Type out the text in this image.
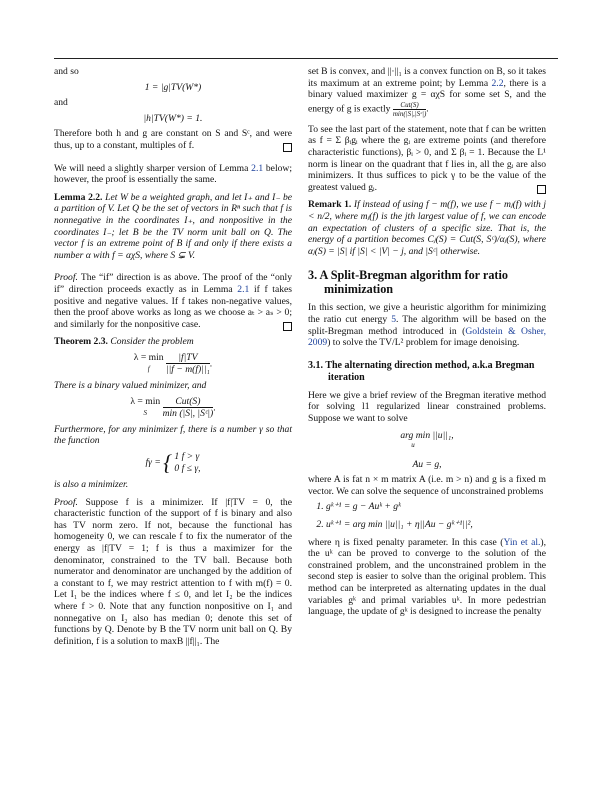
and so

1 = |g|TV(W*)

and

|h|TV(W*) = 1.

Therefore both h and g are constant on S and Sᶜ, and were thus, up to a constant, multiples of f.

We will need a slightly sharper version of Lemma 2.1 below; however, the proof is essentially the same.

Lemma 2.2. Let W be a weighted graph, and let I₊ and I₋ be a partition of V. Let Q be the set of vectors in Rⁿ such that f is nonnegative in the coordinates I₊, and nonpositive in the coordinates I₋; let B be the TV norm unit ball on Q. The vector f is an extreme point of B if and only if there exists a number α with f = αχS, where S ⊊ V.

Proof. The “if” direction is as above. The proof of the “only if” direction proceeds exactly as in Lemma 2.1 if f takes positive and negative values. If f takes non-negative values, then the proof above works as long as we choose aₜ > aₛ > 0; and similarly for the nonpositive case.

Theorem 2.3. Consider the problem

λ = min
f $\frac{|f|TV}{\text{||f − m(f)||₁}}$ .

There is a binary valued minimizer, and

λ = min
S $\frac{\text{Cut(S)}}{\text{min (|S|, |Sᶜ|)}}$ .

Furthermore, for any minimizer f, there is a number γ so that the function

fγ = { 1 f > γ
0 f ≤ γ,

is also a minimizer.

Proof. Suppose f is a minimizer. If |f|TV = 0, the characteristic function of the support of f is binary and also has TV norm zero. If not, because the functional has homogeneity 0, we can rescale f to fix the numerator of the energy as |f|TV = 1; f is thus a maximizer for the denominator, constrained to the TV ball. Because both numerator and denominator are unchanged by the addition of a constant to f, we may restrict attention to f with m(f) = 0. Let I₁ be the indices where f ≤ 0, and let I₂ be the indices where f > 0. Note that any function nonpositive on I₁ and nonnegative on I₂ also has median 0; denote this set of functions by Q. Denote by B the TV norm unit ball on Q. By definition, f is a solution to maxB ||f||₁. The

set B is convex, and ||·||₁ is a convex function on B, so it takes its maximum at an extreme point; by Lemma 2.2, there is a binary valued maximizer g = αχS for some set S, and the energy of g is exactly $\frac{\text{Cut(S)}}{\text{min(|S|,|Sᶜ|)}}$ .

To see the last part of the statement, note that f can be written as f = Σ βᵢgᵢ where the gᵢ are extreme points (and therefore characteristic functions), βᵢ > 0, and Σ βᵢ = 1. Because the L¹ norm is linear on the quadrant that f lies in, all the gᵢ are also minimizers. It thus suffices to pick γ to be the value of the greatest valued gᵢ.

Remark 1. If instead of using f − m(f), we use f − mⱼ(f) with j < n/2, where mⱼ(f) is the jth largest value of f, we can encode an expectation of clusters of a specific size. That is, the energy of a partition becomes Cⱼ(S) = Cut(S, Sᶜ)/αⱼ(S), where αⱼ(S) = |S| if |S| < |V| − j, and |Sᶜ| otherwise.

3. A Split-Bregman algorithm for ratio minimization

In this section, we give a heuristic algorithm for minimizing the ratio cut energy 5. The algorithm will be based on the split-Bregman method introduced in (Goldstein & Osher, 2009) to solve the TV/L² problem for image denoising.

3.1. The alternating direction method, a.k.a Bregman iteration

Here we give a brief review of the Bregman iterative method for solving l1 regularized linear constrained problems. Suppose we want to solve

arg min ||u||₁,
$^u$
Au = g,

where A is fat n × m matrix A (i.e. m > n) and g is a fixed m vector. We can solve the sequence of unconstrained problems

1. gᵏ⁺¹ = g − Auᵏ + gᵏ
2. uᵏ⁺¹ = arg min ||u||₁ + η||Au − gᵏ⁺¹||²,

where η is fixed penalty parameter. In this case (Yin et al.), the uᵏ can be proved to converge to the solution of the constrained problem, and the unconstrained problem in the second step is easier to solve than the original problem. This method can be interpreted as alternating updates in the dual variables gᵏ and primal variables uᵏ. In more pedestrian language, the update of gᵏ is designed to increase the penalty
